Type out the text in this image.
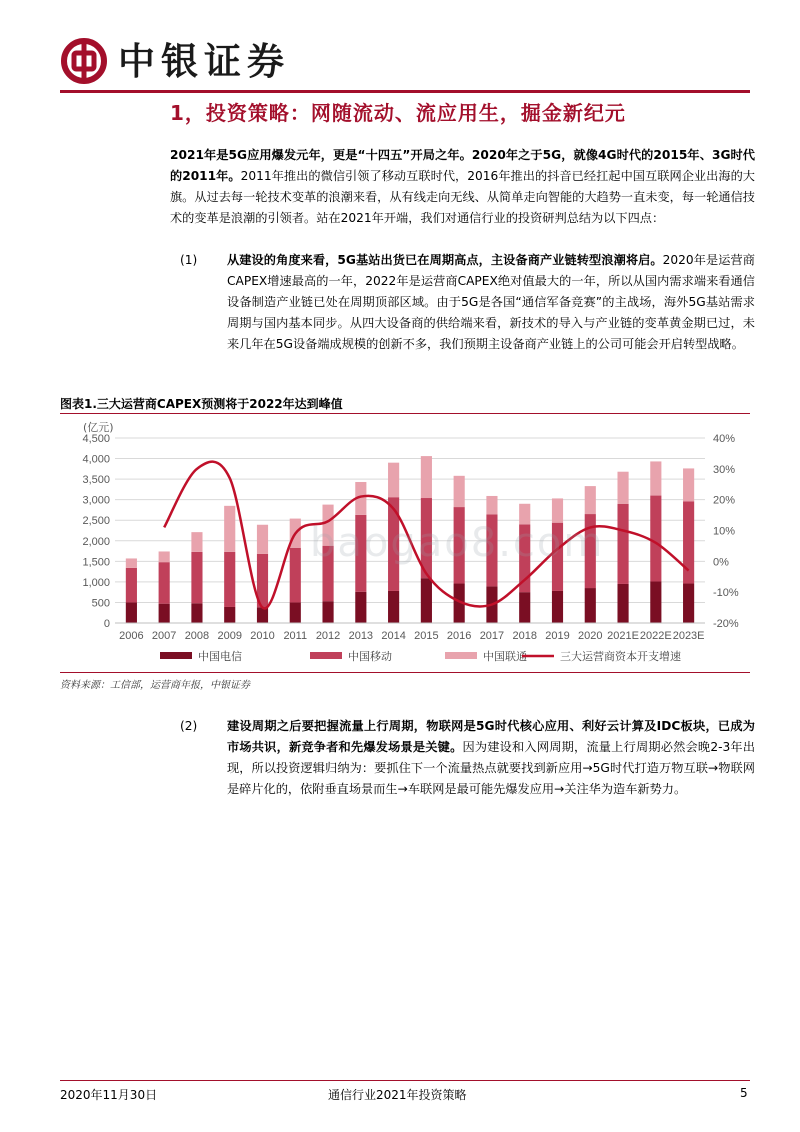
中银证券
1，投资策略：网随流动、流应用生，掘金新纪元
2021年是5G应用爆发元年，更是“十四五”开局之年。2020年之于5G，就像4G时代的2015年、3G时代的2011年。2011年推出的微信引领了移动互联时代，2016年推出的抖音已经扛起中国互联网企业出海的大旗。从过去每一轮技术变革的浪潮来看，从有线走向无线、从简单走向智能的大趋势一直未变，每一轮通信技术的变革是浪潮的引领者。站在2021年开端，我们对通信行业的投资研判总结为以下四点：
(1) 从建设的角度来看，5G基站出货已在周期高点，主设备商产业链转型浪潮将启。2020年是运营商CAPEX增速最高的一年，2022年是运营商CAPEX绝对值最大的一年，所以从国内需求端来看通信设备制造产业链已处在周期顶部区域。由于5G是各国“通信军备竞赛”的主战场，海外5G基站需求周期与国内基本同步。从四大设备商的供给端来看，新技术的导入与产业链的变革黄金期已过，未来几年在5G设备端成规模的创新不多，我们预期主设备商产业链上的公司可能会开启转型战略。
图表1.三大运营商CAPEX预测将于2022年达到峰值
0
500
1,000
1,500
2,000
2,500
3,000
3,500
4,000
4,500
-20%
-10%
0%
10%
20%
30%
40%
(亿元)
2006 2007 2008 2009 2010 2011 2012 2013 2014 2015 2016 2017 2018 2019 2020 2021E 2022E 2023E
中国电信	中国移动	中国联通	三大运营商资本开支增速
baogao8.com
资料来源：工信部，运营商年报，中银证券
(2) 建设周期之后要把握流量上行周期，物联网是5G时代核心应用、利好云计算及IDC板块，已成为市场共识，新竞争者和先爆发场景是关键。因为建设和入网周期，流量上行周期必然会晚2-3年出现，所以投资逻辑归纳为：要抓住下一个流量热点就要找到新应用→5G时代打造万物互联→物联网是碎片化的，依附垂直场景而生→车联网是最可能先爆发应用→关注华为造车新势力。
2020年11月30日	通信行业2021年投资策略	5
